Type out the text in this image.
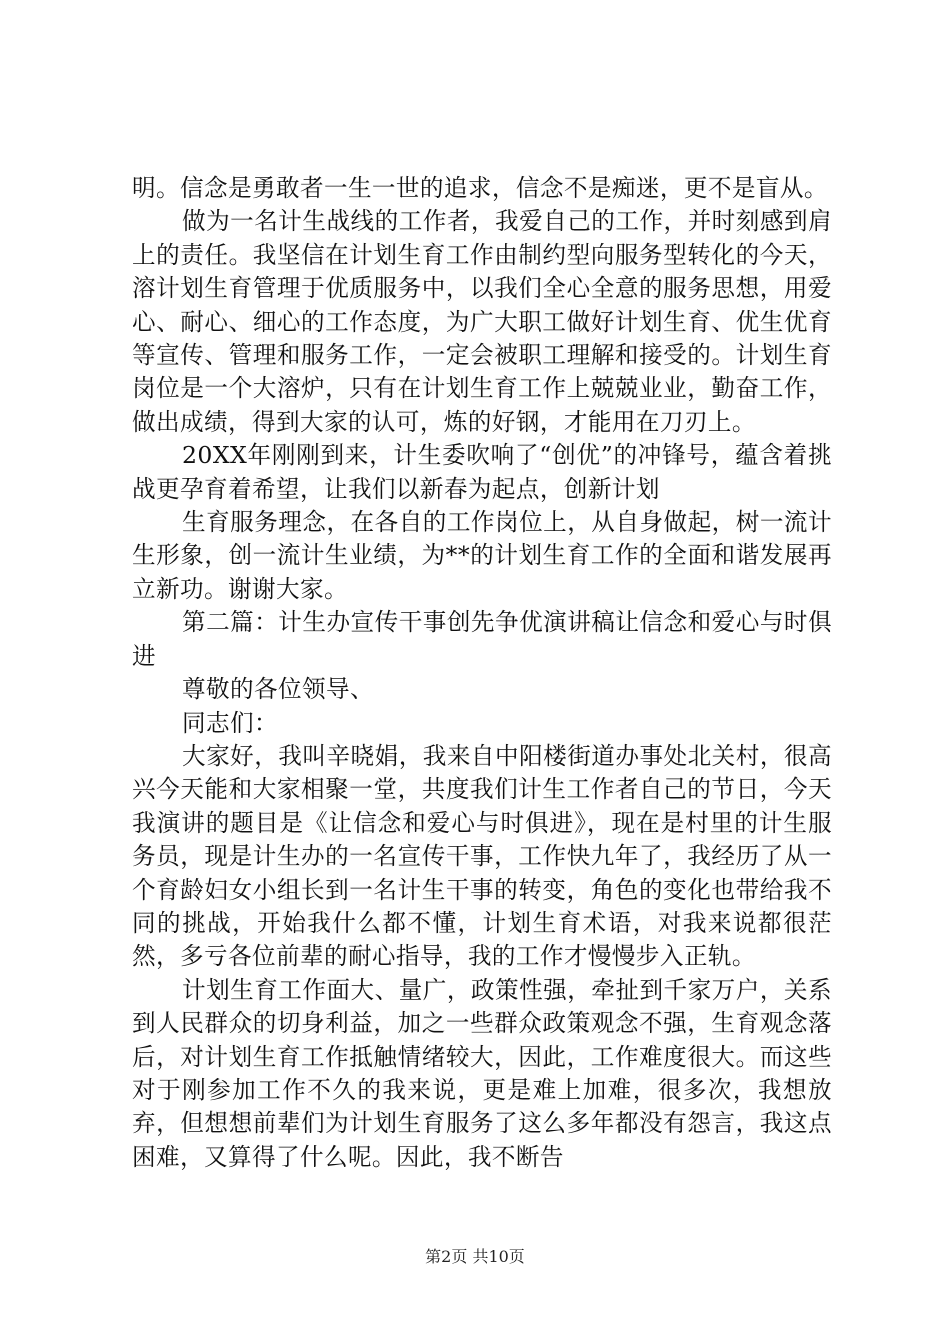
明。信念是勇敢者一生一世的追求，信念不是痴迷，更不是盲从。

做为一名计生战线的工作者，我爱自己的工作，并时刻感到肩上的责任。我坚信在计划生育工作由制约型向服务型转化的今天，溶计划生育管理于优质服务中，以我们全心全意的服务思想，用爱心、耐心、细心的工作态度，为广大职工做好计划生育、优生优育等宣传、管理和服务工作，一定会被职工理解和接受的。计划生育岗位是一个大溶炉，只有在计划生育工作上兢兢业业，勤奋工作，做出成绩，得到大家的认可，炼的好钢，才能用在刀刃上。

20XX年刚刚到来，计生委吹响了“创优”的冲锋号，蕴含着挑战更孕育着希望，让我们以新春为起点，创新计划

生育服务理念，在各自的工作岗位上，从自身做起，树一流计生形象，创一流计生业绩，为**的计划生育工作的全面和谐发展再立新功。谢谢大家。

第二篇：计生办宣传干事创先争优演讲稿让信念和爱心与时俱进

尊敬的各位领导、

同志们：

大家好，我叫辛晓娟，我来自中阳楼街道办事处北关村，很高兴今天能和大家相聚一堂，共度我们计生工作者自己的节日，今天我演讲的题目是《让信念和爱心与时俱进》，现在是村里的计生服务员，现是计生办的一名宣传干事，工作快九年了，我经历了从一个育龄妇女小组长到一名计生干事的转变，角色的变化也带给我不同的挑战，开始我什么都不懂，计划生育术语，对我来说都很茫然，多亏各位前辈的耐心指导，我的工作才慢慢步入正轨。

计划生育工作面大、量广，政策性强，牵扯到千家万户，关系到人民群众的切身利益，加之一些群众政策观念不强，生育观念落后，对计划生育工作抵触情绪较大，因此，工作难度很大。而这些对于刚参加工作不久的我来说，更是难上加难，很多次，我想放弃，但想想前辈们为计划生育服务了这么多年都没有怨言，我这点困难，又算得了什么呢。因此，我不断告

第2页 共10页
